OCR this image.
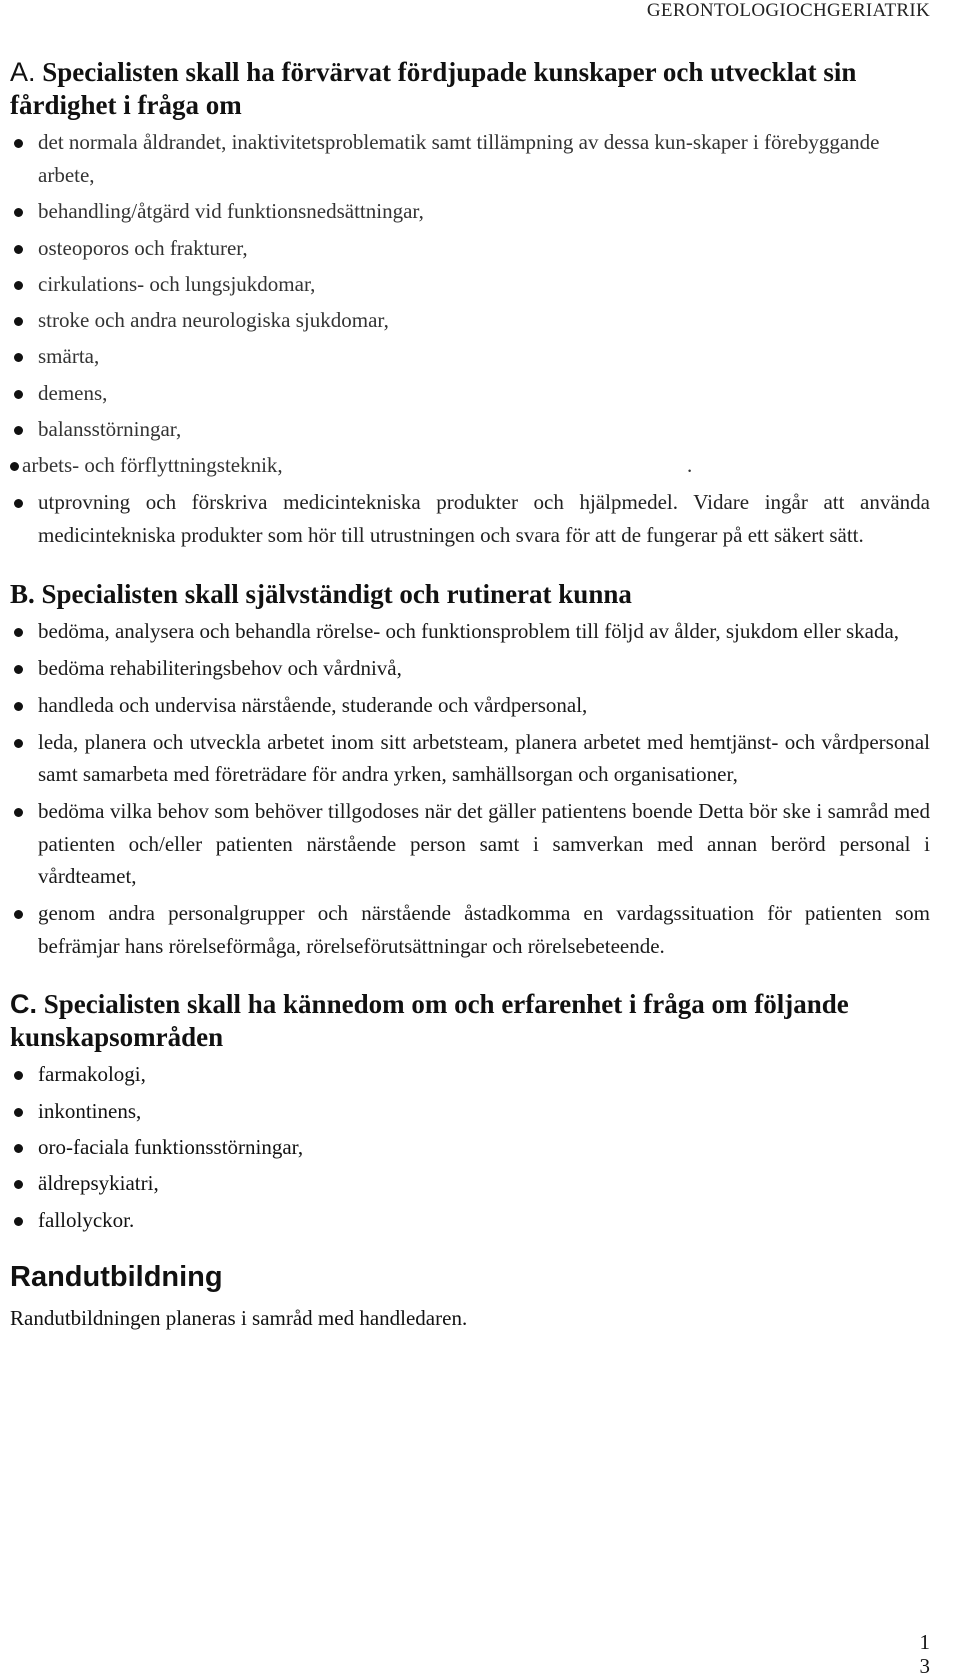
GERONTOLOGIOCHGERIATRIK
A. Specialisten skall ha förvärvat fördjupade kunskaper och utvecklat sin fårdighet i fråga om
det normala åldrandet, inaktivitetsproblematik samt tillämpning av dessa kun-skaper i förebyggande arbete,
behandling/åtgärd vid funktionsnedsättningar,
osteoporos och frakturer,
cirkulations- och lungsjukdomar,
stroke och andra neurologiska sjukdomar,
smärta,
demens,
balansstörningar,
arbets- och förflyttningsteknik,	.
utprovning och förskriva medicintekniska produkter och hjälpmedel. Vidare ingår att använda medicintekniska produkter som hör till utrustningen och svara för att de fungerar på ett säkert sätt.
B. Specialisten skall självständigt och rutinerat kunna
bedöma, analysera och behandla rörelse- och funktionsproblem till följd av ålder, sjukdom eller skada,
bedöma rehabiliteringsbehov och vårdnivå,
handleda och undervisa närstående, studerande och vårdpersonal,
leda, planera och utveckla arbetet inom sitt arbetsteam, planera arbetet med hemtjänst- och vårdpersonal samt samarbeta med företrädare för andra yrken, samhällsorgan och organisationer,
bedöma vilka behov som behöver tillgodoses när det gäller patientens boende Detta bör ske i samråd med patienten och/eller patienten närstående person samt i samverkan med annan berörd personal i vårdteamet,
genom andra personalgrupper och närstående åstadkomma en vardagssituation för patienten som befrämjar hans rörelseförmåga, rörelseförutsättningar och rörelsebeteende.
C. Specialisten skall ha kännedom om och erfarenhet i fråga om följande kunskapsområden
farmakologi,
inkontinens,
oro-faciala funktionsstörningar,
äldrepsykiatri,
fallolyckor.
Randutbildning

Randutbildningen planeras i samråd med handledaren.

1
3
